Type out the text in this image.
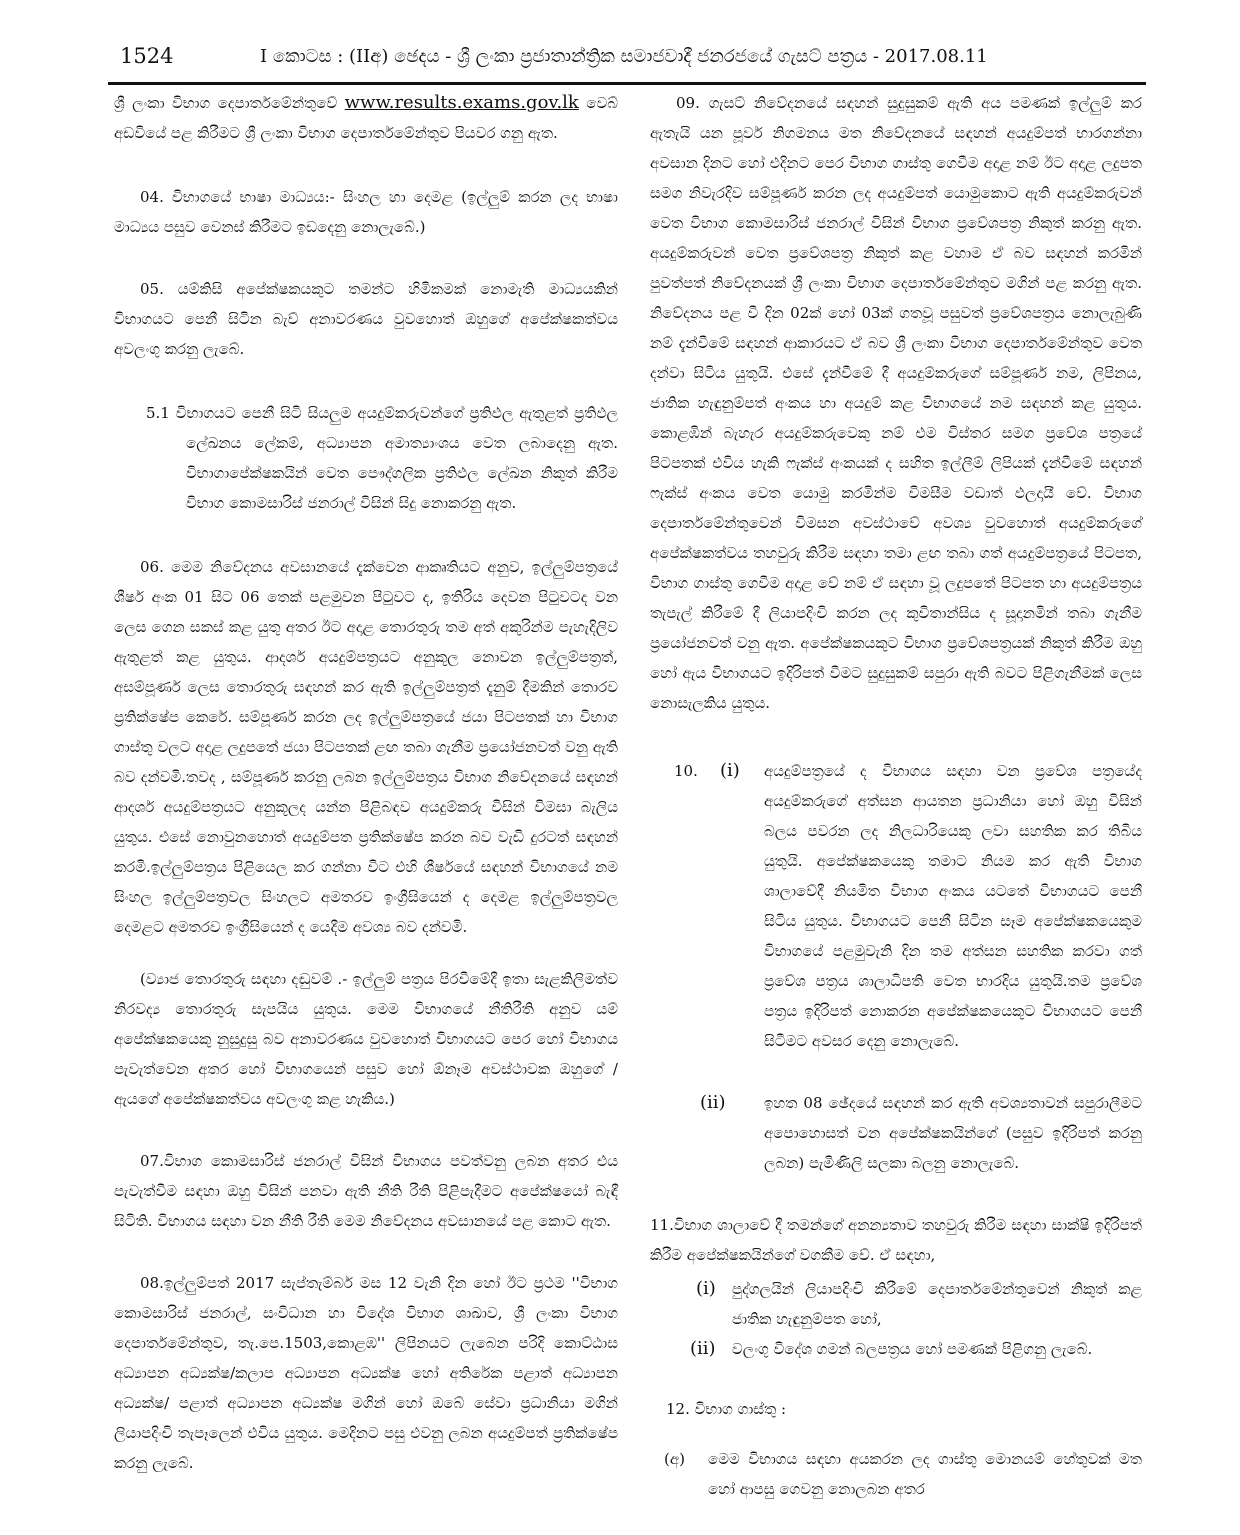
1524	I කොටස : (IIඅ) ඡෙදය - ශ්‍රී ලංකා ප්‍රජාතාන්ත්‍රික සමාජවාදී ජනරජයේ ගැසට් පත්‍රය - 2017.08.11

ශ්‍රී ලංකා විභාග දෙපාර්තමේන්තුවේ www.results.exams.gov.lk වෙබ් අඩවියේ පළ කිරීමට ශ්‍රී ලංකා විභාග දෙපාර්තමේන්තුව පියවර ගනු ඇත.

04. විභාගයේ භාෂා මාධ්‍යය:- සිංහල හා දෙමළ (ඉල්ලුම් කරන ලද භාෂා මාධ්‍යය පසුව වෙනස් කිරීමට ඉඩදෙනු නොලැබේ.)

05. යම්කිසි අපේක්ෂකයකුට තමන්ට හිමිකමක් නොමැති මාධ්‍යයකින් විභාගයට පෙනී සිටින බැව් අනාවරණය වුවහොත් ඔහුගේ අපේක්ෂකත්වය අවලංගු කරනු ලැබේ.

5.1 විභාගයට පෙනී සිටි සියලුම අයදුම්කරුවන්ගේ ප්‍රතිඵල ඇතුළත් ප්‍රතිඵල ලේඛනය ලේකම්, අධ්‍යාපන අමාත්‍යාංශය වෙත ලබාදෙනු ඇත. විභාගාපේක්ෂකයින් වෙත පෞද්ගලික ප්‍රතිඵල ලේඛන නිකුත් කිරීම විභාග කොමසාරිස් ජනරාල් විසින් සිදු නොකරනු ඇත.

06. මෙම නිවේදනය අවසානයේ දැක්වෙන ආකෘතියට අනුව, ඉල්ලුම්පත්‍රයේ ශීර්ෂ අංක 01 සිට 06 තෙක් පළමුවන පිටුවට ද, ඉතිරිය දෙවන පිටුවටද වන ලෙස ගෙන සකස් කළ යුතු අතර ඊට අදාළ තොරතුරු තම අත් අකුරින්ම පැහැදිලිව ඇතුළත් කළ යුතුය. ආදර්ශ අයදුම්පත්‍රයට අනුකූල නොවන ඉල්ලුම්පත්‍රත්, අසම්පූර්ණ ලෙස තොරතුරු සඳහන් කර ඇති ඉල්ලුම්පත්‍රත් දැනුම් දීමකින් තොරව ප්‍රතික්ෂේප කෙරේ. සම්පූර්ණ කරන ලද ඉල්ලුම්පත්‍රයේ ජයා පිටපතක් හා විභාග ගාස්තු වලට අදාළ ලදුපතේ ජයා පිටපතක් ළඟ තබා ගැනීම ප්‍රයෝජනවත් වනු ඇති බව දන්වමි.තවද , සම්පූර්ණ කරනු ලබන ඉල්ලුම්පත්‍රය විභාග නිවේදනයේ සඳහන් ආදර්ශ අයදුම්පත්‍රයට අනුකූලද යන්න පිළිබඳව අයදුම්කරු විසින් විමසා බැලිය යුතුය. එසේ නොවුනහොත් අයදුම්පත ප්‍රතික්ෂේප කරන බව වැඩි දුරටත් සඳහන් කරමි.ඉල්ලුම්පත්‍රය පිළියෙල කර ගන්නා විට එහි ශීර්ෂයේ සඳහන් විභාගයේ නම සිංහල ඉල්ලුම්පත්‍රවල සිංහලට අමතරව ඉංග්‍රීසියෙන් ද දෙමළ ඉල්ලුම්පත්‍රවල දෙමළට අමතරව ඉංග්‍රීසියෙන් ද යෙදීම අවශ්‍ය බව දන්වමි.

(ව්‍යාජ තොරතුරු සඳහා දඬුවම් .- ඉල්ලුම් පත්‍රය පිරවීමේදී ඉතා සැළකිලිමත්ව නිරවද්‍ය තොරතුරු සැපයිය යුතුය. මෙම විභාගයේ නීතිරීති අනුව යම් අපේක්ෂකයෙකු නුසුදුසු බව අනාවරණය වුවහොත් විභාගයට පෙර හෝ විභාගය පැවැත්වෙන අතර හෝ විභාගයෙන් පසුව හෝ ඕනෑම අවස්ථාවක ඔහුගේ /ඇයගේ අපේක්ෂකත්වය අවලංගු කළ හැකිය.)

07.විභාග කොමසාරිස් ජනරාල් විසින් විභාගය පවත්වනු ලබන අතර එය පැවැත්වීම සඳහා ඔහු විසින් පනවා ඇති නීති රීති පිළිපැදීමට අපේක්ෂයෝ බැඳී සිටිති. විභාගය සඳහා වන නීති රීති මෙම නිවේදනය අවසානයේ පළ කොට ඇත.

08.ඉල්ලුම්පත් 2017 සැප්තැම්බර් මස 12 වැනි දින හෝ ඊට ප්‍රථම ''විභාග කොමසාරිස් ජනරාල්, සංවිධාන හා විදේශ විභාග ශාඛාව, ශ්‍රී ලංකා විභාග දෙපාර්තමේන්තුව, තැ.පෙ.1503,කොළඹ'' ලිපිනයට ලැබෙන පරිදි කොට්ඨාස අධ්‍යාපන අධ්‍යක්ෂ/කලාප අධ්‍යාපන අධ්‍යක්ෂ හෝ අතිරේක පළාත් අධ්‍යාපන අධ්‍යක්ෂ/ පළාත් අධ්‍යාපන අධ්‍යක්ෂ මගින් හෝ ඔබේ සේවා ප්‍රධානියා මගින් ලියාපදිංචි තැපෑලෙන් එවිය යුතුය. මෙදිනට පසු එවනු ලබන අයදුම්පත් ප්‍රතික්ෂේප කරනු ලැබේ.

09. ගැසට් නිවේදනයේ සඳහන් සුදුසුකම් ඇති අය පමණක් ඉල්ලුම් කර ඇතැයි යන පූර්ව නිගමනය මත නිවේදනයේ සඳහන් අයදුම්පත් භාරගන්නා අවසාන දිනට හෝ එදිනට පෙර විභාග ගාස්තු ගෙවීම අදාළ නම් ඊට අදාළ ලදුපත සමග නිවැරදිව සම්පූර්ණ කරන ලද අයදුම්පත් යොමුකොට ඇති අයදුම්කරුවන් වෙත විභාග කොමසාරිස් ජනරාල් විසින් විභාග ප්‍රවේශපත්‍ර නිකුත් කරනු ඇත. අයදුම්කරුවන් වෙත ප්‍රවේශපත්‍ර නිකුත් කළ වහාම ඒ බව සඳහන් කරමින් පුවත්පත් නිවේදනයක් ශ්‍රී ලංකා විභාග දෙපාර්තමේන්තුව මගින් පළ කරනු ඇත. නිවේදනය පළ වී දින 02ක් හෝ 03ක් ගතවූ පසුවත් ප්‍රවේශපත්‍රය නොලැබුණි නම් දැන්වීමේ සඳහන් ආකාරයට ඒ බව ශ්‍රී ලංකා විභාග දෙපාර්තමේන්තුව වෙත දන්වා සිටිය යුතුයි. එසේ දැන්වීමේ දී අයදුම්කරුගේ සම්පූර්ණ නම, ලිපිනය, ජාතික හැඳුනුම්පත් අංකය හා අයදුම් කළ විභාගයේ නම සඳහන් කළ යුතුය. කොළඹින් බැහැර අයදුම්කරුවෙකු නම් එම විස්තර සමග ප්‍රවේශ පත්‍රයේ පිටපතක් එවිය හැකි ෆැක්ස් අංකයක් ද සහිත ඉල්ලීම් ලිපියක් දැන්වීමේ සඳහන් ෆැක්ස් අංකය වෙත යොමු කරමින්ම විමසීම වඩාත් ඵලදායී වේ. විභාග දෙපාර්තමේන්තුවෙන් විමසන අවස්ථාවේ අවශ්‍ය වුවහොත් අයදුම්කරුගේ අපේක්ෂකත්වය තහවුරු කිරීම සඳහා තමා ළඟ තබා ගත් අයදුම්පත්‍රයේ පිටපත, විභාග ගාස්තු ගෙවීම අදාළ වේ නම් ඒ සඳහා වූ ලදුපතේ පිටපත හා අයදුම්පත්‍රය තැපැල් කිරීමේ දී ලියාපදිංචි කරන ලද කුවිතාන්සිය ද සූදානමින් තබා ගැනීම ප්‍රයෝජනවත් වනු ඇත. අපේක්ෂකයකුට විභාග ප්‍රවේශපත්‍රයක් නිකුත් කිරීම ඔහු හෝ ඇය විභාගයට ඉදිරිපත් වීමට සුදුසුකම් සපුරා ඇති බවට පිළිගැනීමක් ලෙස නොසැලකිය යුතුය.

10. (i) අයදුම්පත්‍රයේ ද විභාගය සඳහා වන ප්‍රවේශ පත්‍රයේද අයදුම්කරුගේ අත්සන ආයතන ප්‍රධානියා හෝ ඔහු විසින් බලය පවරන ලද නිලධාරියෙකු ලවා සහතික කර තිබිය යුතුයි. අපේක්ෂකයෙකු තමාට නියම කර ඇති විභාග ශාලාවේදී නියමිත විභාග අංකය යටතේ විභාගයට පෙනී සිටිය යුතුය. විභාගයට පෙනී සිටින සෑම අපේක්ෂකයෙකුම විභාගයේ පළමුවැනි දින තම අත්සන සහතික කරවා ගත් ප්‍රවේශ පත්‍රය ශාලාධිපති වෙත භාරදිය යුතුයි.තම ප්‍රවේශ පත්‍රය ඉදිරිපත් නොකරන අපේක්ෂකයෙකුට විභාගයට පෙනී සිටීමට අවසර දෙනු නොලැබේ.

(ii)	ඉහත 08 ඡේදයේ සඳහන් කර ඇති අවශ්‍යතාවන් සපුරාලීමට අපොහොසත් වන අපේක්ෂකයින්ගේ (පසුව ඉදිරිපත් කරනු ලබන) පැමිණිලි සලකා බලනු නොලැබේ.

11.විභාග ශාලාවේ දී තමන්ගේ අනන්‍යතාව තහවුරු කිරීම සඳහා සාක්ෂි ඉදිරිපත් කිරීම අපේක්ෂකයින්ගේ වගකීම වේ. ඒ සඳහා,

(i) පුද්ගලයින් ලියාපදිංචි කිරීමේ දෙපාර්තමේන්තුවෙන් නිකුත් කළ ජාතික හැඳුනුම්පත හෝ,

(ii) වලංගු විදේශ ගමන් බලපත්‍රය හෝ පමණක් පිළිගනු ලැබේ.

12. විභාග ගාස්තු :

(අ) මෙම විභාගය සඳහා අයකරන ලද ගාස්තු මොනයම් හේතුවක් මත හෝ ආපසු ගෙවනු නොලබන අතර
